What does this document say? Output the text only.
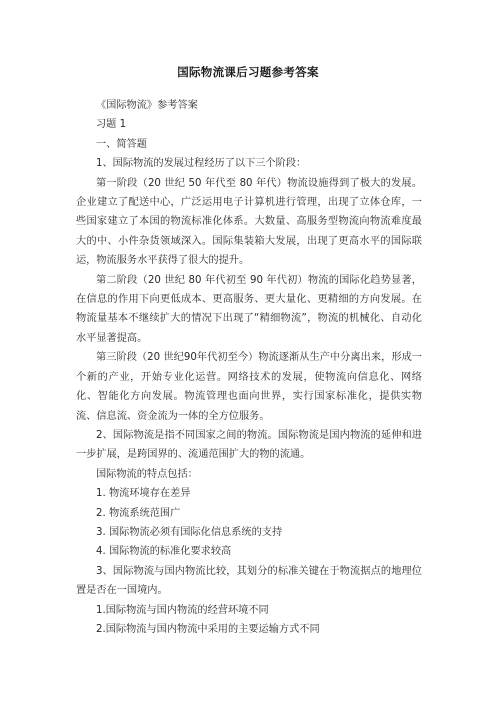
国际物流课后习题参考答案

《国际物流》参考答案

习题 1

一、简答题

1、国际物流的发展过程经历了以下三个阶段：

第一阶段（20 世纪 50 年代至 80 年代）物流设施得到了极大的发展。企业建立了配送中心，广泛运用电子计算机进行管理，出现了立体仓库，一些国家建立了本国的物流标准化体系。大数量、高服务型物流向物流难度最大的中、小件杂货领域深入。国际集装箱大发展，出现了更高水平的国际联运，物流服务水平获得了很大的提升。

第二阶段（20 世纪 80 年代初至 90 年代初）物流的国际化趋势显著，在信息的作用下向更低成本、更高服务、更大量化、更精细的方向发展。在物流量基本不继续扩大的情况下出现了“精细物流”，物流的机械化、自动化水平显著提高。

第三阶段（20 世纪90年代初至今）物流逐渐从生产中分离出来，形成一个新的产业，开始专业化运营。网络技术的发展，使物流向信息化、网络化、智能化方向发展。物流管理也面向世界，实行国家标准化，提供实物流、信息流、资金流为一体的全方位服务。

2、国际物流是指不同国家之间的物流。国际物流是国内物流的延伸和进一步扩展，是跨国界的、流通范围扩大的物的流通。

国际物流的特点包括：

1. 物流环境存在差异

2. 物流系统范围广

3. 国际物流必须有国际化信息系统的支持

4. 国际物流的标准化要求较高

3、国际物流与国内物流比较，其划分的标准关键在于物流据点的地理位置是否在一国境内。

1.国际物流与国内物流的经营环境不同

2.国际物流与国内物流中采用的主要运输方式不同
